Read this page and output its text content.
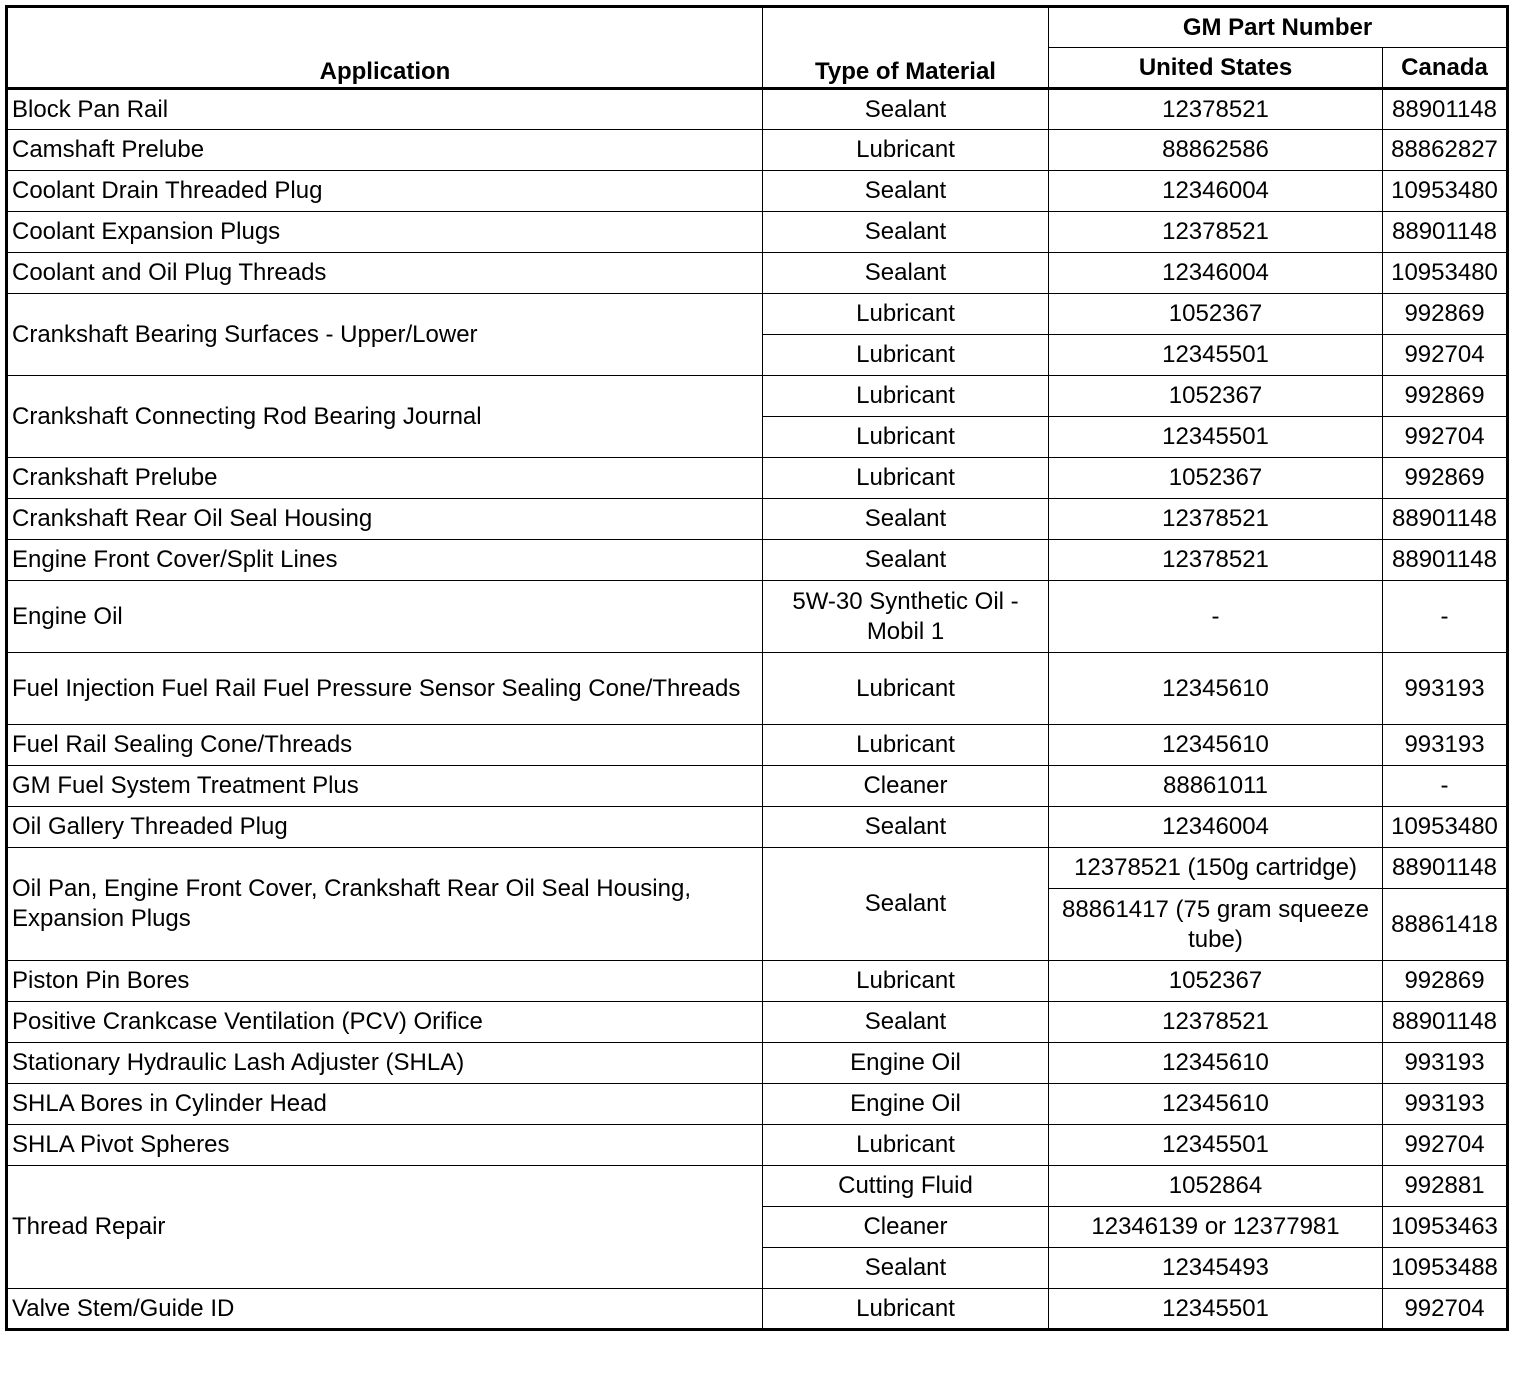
Application	Type of Material	GM Part Number	
		United States	Canada
Block Pan Rail	Sealant	12378521	88901148
Camshaft Prelube	Lubricant	88862586	88862827
Coolant Drain Threaded Plug	Sealant	12346004	10953480
Coolant Expansion Plugs	Sealant	12378521	88901148
Coolant and Oil Plug Threads	Sealant	12346004	10953480
Crankshaft Bearing Surfaces - Upper/Lower	Lubricant	1052367	992869
	Lubricant	12345501	992704
Crankshaft Connecting Rod Bearing Journal	Lubricant	1052367	992869
	Lubricant	12345501	992704
Crankshaft Prelube	Lubricant	1052367	992869
Crankshaft Rear Oil Seal Housing	Sealant	12378521	88901148
Engine Front Cover/Split Lines	Sealant	12378521	88901148
Engine Oil	5W-30 Synthetic Oil - Mobil 1	-	-
Fuel Injection Fuel Rail Fuel Pressure Sensor Sealing Cone/Threads	Lubricant	12345610	993193
Fuel Rail Sealing Cone/Threads	Lubricant	12345610	993193
GM Fuel System Treatment Plus	Cleaner	88861011	-
Oil Gallery Threaded Plug	Sealant	12346004	10953480
Oil Pan, Engine Front Cover, Crankshaft Rear Oil Seal Housing, Expansion Plugs	Sealant	12378521 (150g cartridge)	88901148
		88861417 (75 gram squeeze tube)	88861418
Piston Pin Bores	Lubricant	1052367	992869
Positive Crankcase Ventilation (PCV) Orifice	Sealant	12378521	88901148
Stationary Hydraulic Lash Adjuster (SHLA)	Engine Oil	12345610	993193
SHLA Bores in Cylinder Head	Engine Oil	12345610	993193
SHLA Pivot Spheres	Lubricant	12345501	992704
Thread Repair	Cutting Fluid	1052864	992881
	Cleaner	12346139 or 12377981	10953463
	Sealant	12345493	10953488
Valve Stem/Guide ID	Lubricant	12345501	992704
